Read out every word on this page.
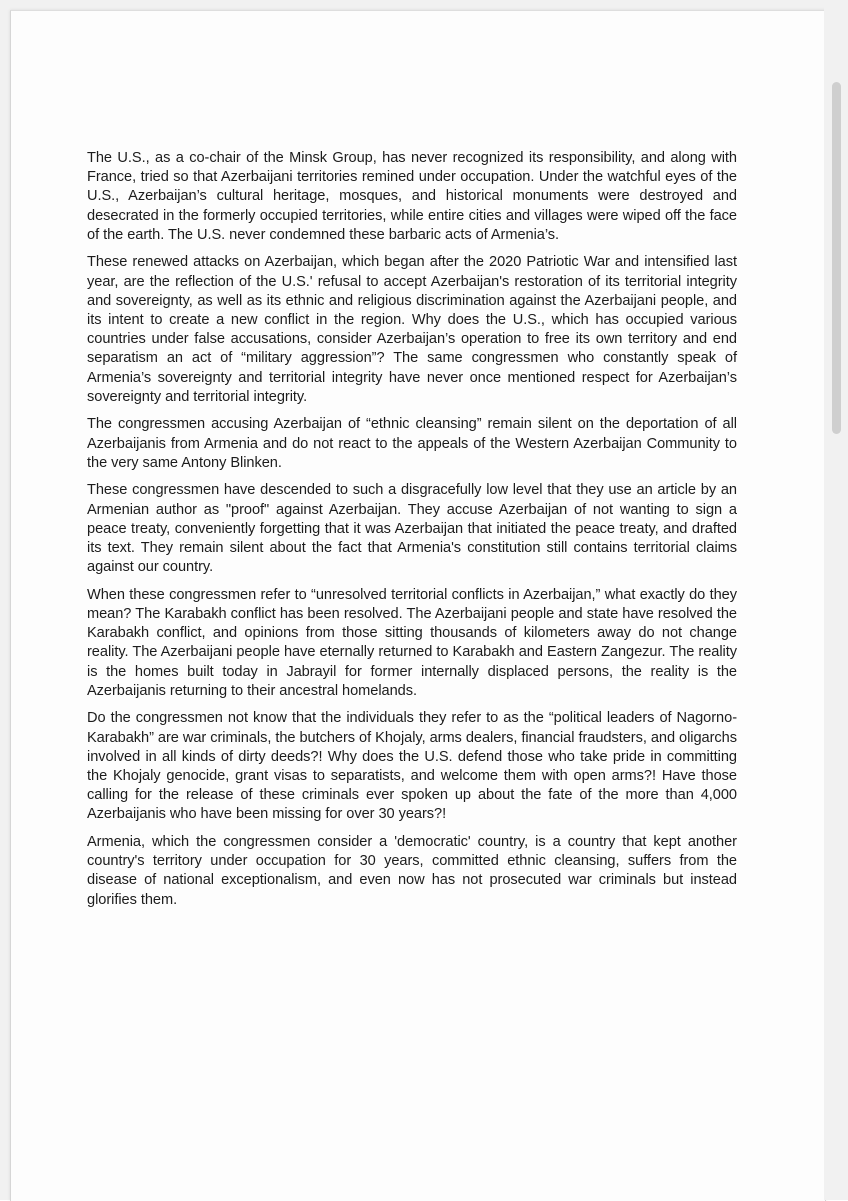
The U.S., as a co-chair of the Minsk Group, has never recognized its responsibility, and along with France, tried so that Azerbaijani territories remined under occupation. Under the watchful eyes of the U.S., Azerbaijan’s cultural heritage, mosques, and historical monuments were destroyed and desecrated in the formerly occupied territories, while entire cities and villages were wiped off the face of the earth. The U.S. never condemned these barbaric acts of Armenia’s.

These renewed attacks on Azerbaijan, which began after the 2020 Patriotic War and intensified last year, are the reflection of the U.S.' refusal to accept Azerbaijan's restoration of its territorial integrity and sovereignty, as well as its ethnic and religious discrimination against the Azerbaijani people, and its intent to create a new conflict in the region. Why does the U.S., which has occupied various countries under false accusations, consider Azerbaijan’s operation to free its own territory and end separatism an act of “military aggression”? The same congressmen who constantly speak of Armenia’s sovereignty and territorial integrity have never once mentioned respect for Azerbaijan’s sovereignty and territorial integrity.

The congressmen accusing Azerbaijan of “ethnic cleansing” remain silent on the deportation of all Azerbaijanis from Armenia and do not react to the appeals of the Western Azerbaijan Community to the very same Antony Blinken.

These congressmen have descended to such a disgracefully low level that they use an article by an Armenian author as "proof" against Azerbaijan. They accuse Azerbaijan of not wanting to sign a peace treaty, conveniently forgetting that it was Azerbaijan that initiated the peace treaty, and drafted its text. They remain silent about the fact that Armenia's constitution still contains territorial claims against our country.

When these congressmen refer to “unresolved territorial conflicts in Azerbaijan,” what exactly do they mean? The Karabakh conflict has been resolved. The Azerbaijani people and state have resolved the Karabakh conflict, and opinions from those sitting thousands of kilometers away do not change reality. The Azerbaijani people have eternally returned to Karabakh and Eastern Zangezur. The reality is the homes built today in Jabrayil for former internally displaced persons, the reality is the Azerbaijanis returning to their ancestral homelands.

Do the congressmen not know that the individuals they refer to as the “political leaders of Nagorno-Karabakh” are war criminals, the butchers of Khojaly, arms dealers, financial fraudsters, and oligarchs involved in all kinds of dirty deeds?! Why does the U.S. defend those who take pride in committing the Khojaly genocide, grant visas to separatists, and welcome them with open arms?! Have those calling for the release of these criminals ever spoken up about the fate of the more than 4,000 Azerbaijanis who have been missing for over 30 years?!

Armenia, which the congressmen consider a 'democratic' country, is a country that kept another country's territory under occupation for 30 years, committed ethnic cleansing, suffers from the disease of national exceptionalism, and even now has not prosecuted war criminals but instead glorifies them.
